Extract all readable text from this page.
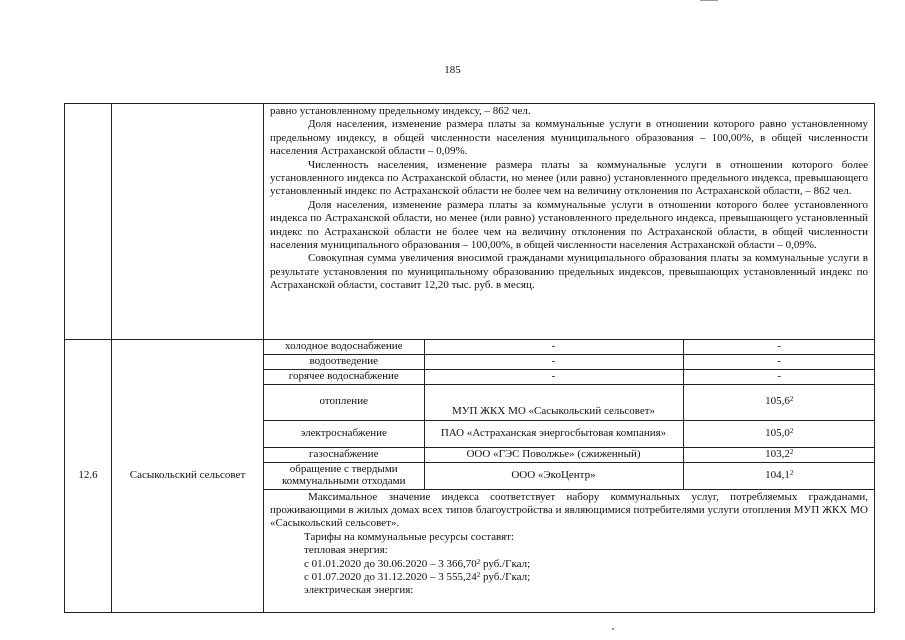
185

равно установленному предельному индексу, – 862 чел.

Доля населения, изменение размера платы за коммунальные услуги в отношении которого равно установленному предельному индексу, в общей численности населения муниципального образования – 100,00%, в общей численности населения Астраханской области – 0,09%.

Численность населения, изменение размера платы за коммунальные услуги в отношении которого более установленного индекса по Астраханской области, но менее (или равно) установленного предельного индекса, превышающего установленный индекс по Астраханской области не более чем на величину отклонения по Астраханской области, – 862 чел.

Доля населения, изменение размера платы за коммунальные услуги в отношении которого более установленного индекса по Астраханской области, но менее (или равно) установленного предельного индекса, превышающего установленный индекс по Астраханской области не более чем на величину отклонения по Астраханской области, в общей численности населения муниципального образования – 100,00%, в общей численности населения Астраханской области – 0,09%.

Совокупная сумма увеличения вносимой гражданами муниципального образования платы за коммунальные услуги в результате установления по муниципальному образованию предельных индексов, превышающих установленный индекс по Астраханской области, составит 12,20 тыс. руб. в месяц.

12.6	Сасыкольский сельсовет	
холодное водоснабжение	-	-
водоотведение	-	-
горячее водоснабжение	-	-
отопление	МУП ЖКХ МО «Сасыкольский сельсовет»	105,6$^2$
электроснабжение	ПАО «Астраханская энергосбытовая компания»	105,0$^2$
газоснабжение	ООО «ГЭС Поволжье» (сжиженный)	103,2$^2$
обращение с твердыми коммунальными отходами	ООО «ЭкоЦентр»	104,1$^2$

Максимальное значение индекса соответствует набору коммунальных услуг, потребляемых гражданами, проживающими в жилых домах всех типов благоустройства и являющимися потребителями услуги отопления МУП ЖКХ МО «Сасыкольский сельсовет».

Тарифы на коммунальные ресурсы составят:

тепловая энергия:

с 01.01.2020 до 30.06.2020 – 3 366,70$^2$ руб./Гкал;

с 01.07.2020 до 31.12.2020 – 3 555,24$^2$ руб./Гкал;

электрическая энергия:
